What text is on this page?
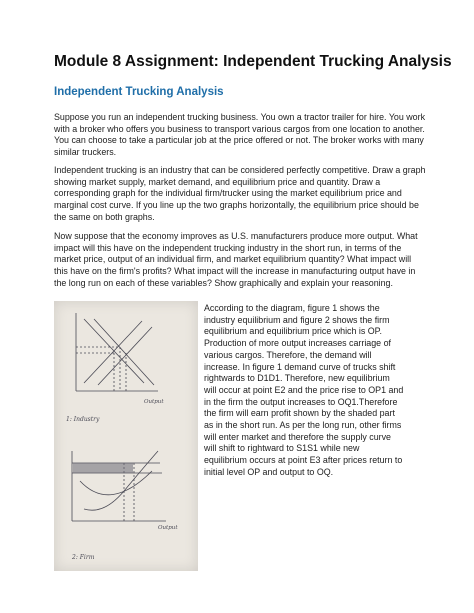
Module 8 Assignment: Independent Trucking Analysis
Independent Trucking Analysis

Suppose you run an independent trucking business. You own a tractor trailer for hire. You work with a broker who offers you business to transport various cargos from one location to another. You can choose to take a particular job at the price offered or not. The broker works with many similar truckers.

Independent trucking is an industry that can be considered perfectly competitive. Draw a graph showing market supply, market demand, and equilibrium price and quantity. Draw a corresponding graph for the individual firm/trucker using the market equilibrium price and marginal cost curve. If you line up the two graphs horizontally, the equilibrium price should be the same on both graphs.

Now suppose that the economy improves as U.S. manufacturers produce more output. What impact will this have on the independent trucking industry in the short run, in terms of the market price, output of an individual firm, and market equilibrium quantity? What impact will this have on the firm's profits? What impact will the increase in manufacturing output have in the long run on each of these variables? Show graphically and explain your reasoning.

1: Industry
Output
2: Firm
Output

According to the diagram, figure 1 shows the industry equilibrium and figure 2 shows the firm equilibrium and equilibrium price which is OP. Production of more output increases carriage of various cargos. Therefore, the demand will increase. In figure 1 demand curve of trucks shift rightwards to D1D1. Therefore, new equilibrium will occur at point E2 and the price rise to OP1 and in the firm the output increases to OQ1.Therefore the firm will earn profit shown by the shaded part as in the short run. As per the long run, other firms will enter market and therefore the supply curve will shift to rightward to S1S1 while new equilibrium occurs at point E3 after prices return to initial level OP and output to OQ.
